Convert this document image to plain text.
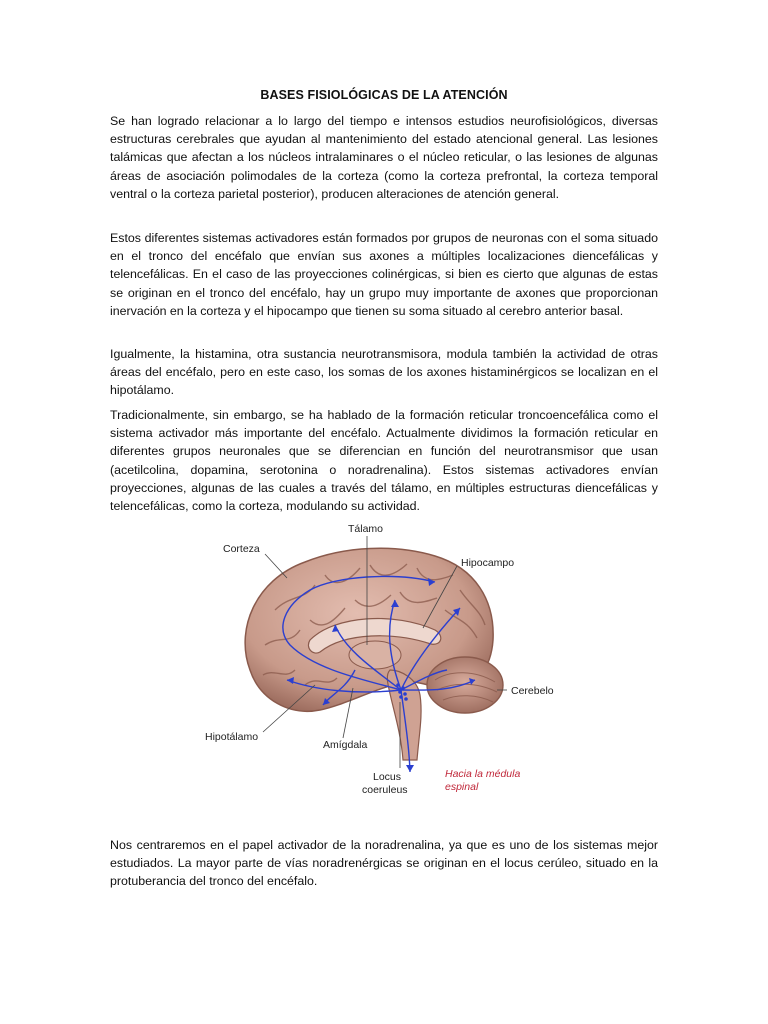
BASES FISIOLÓGICAS DE LA ATENCIÓN
Se han logrado relacionar a lo largo del tiempo e intensos estudios neurofisiológicos, diversas estructuras cerebrales que ayudan al mantenimiento del estado atencional general. Las lesiones talámicas que afectan a los núcleos intralaminares o el núcleo reticular, o las lesiones de algunas áreas de asociación polimodales de la corteza (como la corteza prefrontal, la corteza temporal ventral o la corteza parietal posterior), producen alteraciones de atención general.
Estos diferentes sistemas activadores están formados por grupos de neuronas con el soma situado en el tronco del encéfalo que envían sus axones a múltiples localizaciones diencefálicas y telencefálicas. En el caso de las proyecciones colinérgicas, si bien es cierto que algunas de estas se originan en el tronco del encéfalo, hay un grupo muy importante de axones que proporcionan inervación en la corteza y el hipocampo que tienen su soma situado al cerebro anterior basal.
Igualmente, la histamina, otra sustancia neurotransmisora, modula también la actividad de otras áreas del encéfalo, pero en este caso, los somas de los axones histaminérgicos se localizan en el hipotálamo.
Tradicionalmente, sin embargo, se ha hablado de la formación reticular troncoencefálica como el sistema activador más importante del encéfalo. Actualmente dividimos la formación reticular en diferentes grupos neuronales que se diferencian en función del neurotransmisor que usan (acetilcolina, dopamina, serotonina o noradrenalina). Estos sistemas activadores envían proyecciones, algunas de las cuales a través del tálamo, en múltiples estructuras diencefálicas y telencefálicas, como la corteza, modulando su actividad.
Tálamo
Corteza
Hipocampo
Cerebelo
Hipotálamo
Amígdala
Locus
coeruleus
Hacia la médula
espinal
Nos centraremos en el papel activador de la noradrenalina, ya que es uno de los sistemas mejor estudiados. La mayor parte de vías noradrenérgicas se originan en el locus cerúleo, situado en la protuberancia del tronco del encéfalo.
